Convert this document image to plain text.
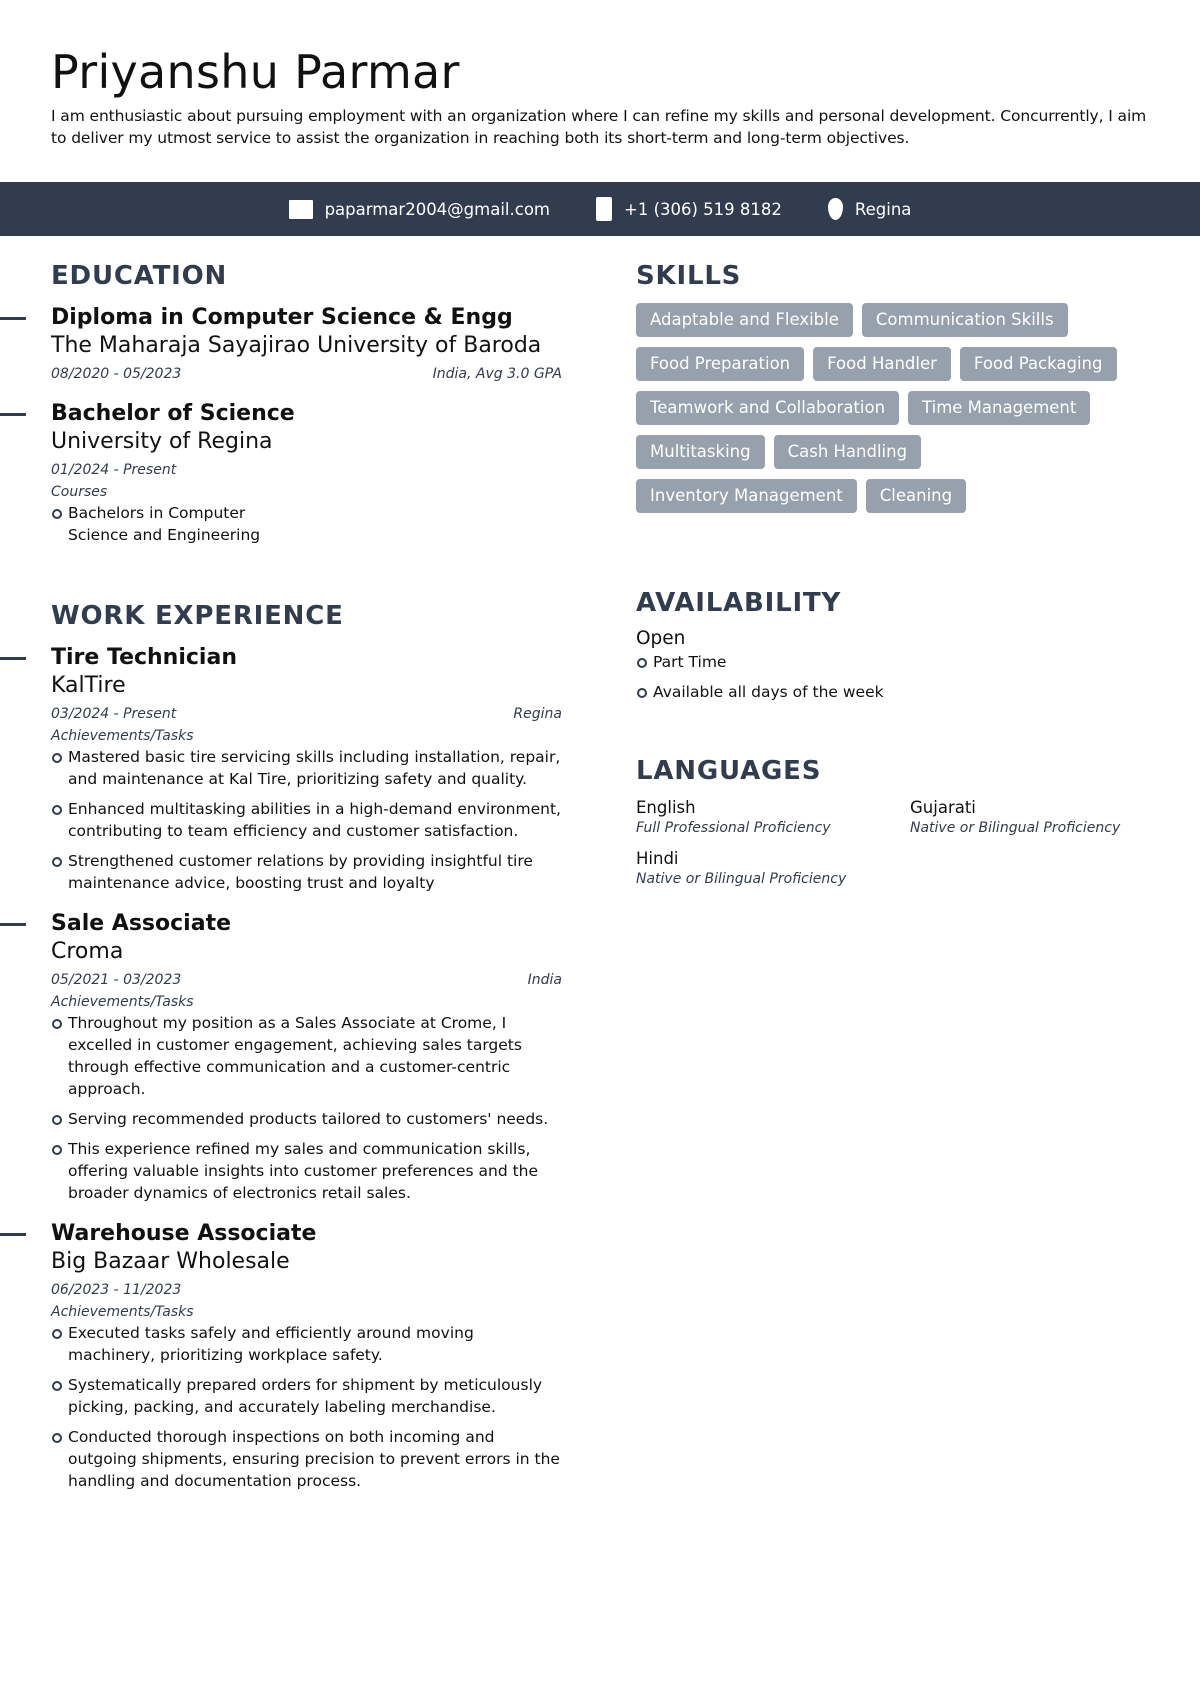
Priyanshu Parmar

I am enthusiastic about pursuing employment with an organization where I can refine my skills and personal development. Concurrently, I aim to deliver my utmost service to assist the organization in reaching both its short-term and long-term objectives.

paparmar2004@gmail.com	+1 (306) 519 8182	Regina
EDUCATION
Diploma in Computer Science & Engg
The Maharaja Sayajirao University of Baroda
08/2020 - 05/2023	India, Avg 3.0 GPA
Bachelor of Science
University of Regina
01/2024 - Present
Courses
Bachelors in Computer Science and Engineering
WORK EXPERIENCE
Tire Technician
KalTire
03/2024 - Present	Regina
Achievements/Tasks
Mastered basic tire servicing skills including installation, repair, and maintenance at Kal Tire, prioritizing safety and quality.
Enhanced multitasking abilities in a high-demand environment, contributing to team efficiency and customer satisfaction.
Strengthened customer relations by providing insightful tire maintenance advice, boosting trust and loyalty
Sale Associate
Croma
05/2021 - 03/2023	India
Achievements/Tasks
Throughout my position as a Sales Associate at Crome, I excelled in customer engagement, achieving sales targets through effective communication and a customer-centric approach.
Serving recommended products tailored to customers' needs.
This experience refined my sales and communication skills, offering valuable insights into customer preferences and the broader dynamics of electronics retail sales.
Warehouse Associate
Big Bazaar Wholesale
06/2023 - 11/2023
Achievements/Tasks
Executed tasks safely and efficiently around moving machinery, prioritizing workplace safety.
Systematically prepared orders for shipment by meticulously picking, packing, and accurately labeling merchandise.
Conducted thorough inspections on both incoming and outgoing shipments, ensuring precision to prevent errors in the handling and documentation process.
SKILLS
Adaptable and Flexible	Communication Skills
Food Preparation	Food Handler	Food Packaging
Teamwork and Collaboration	Time Management
Multitasking	Cash Handling
Inventory Management	Cleaning
AVAILABILITY
Open
Part Time
Available all days of the week
LANGUAGES
English
Full Professional Proficiency
Gujarati
Native or Bilingual Proficiency
Hindi
Native or Bilingual Proficiency
